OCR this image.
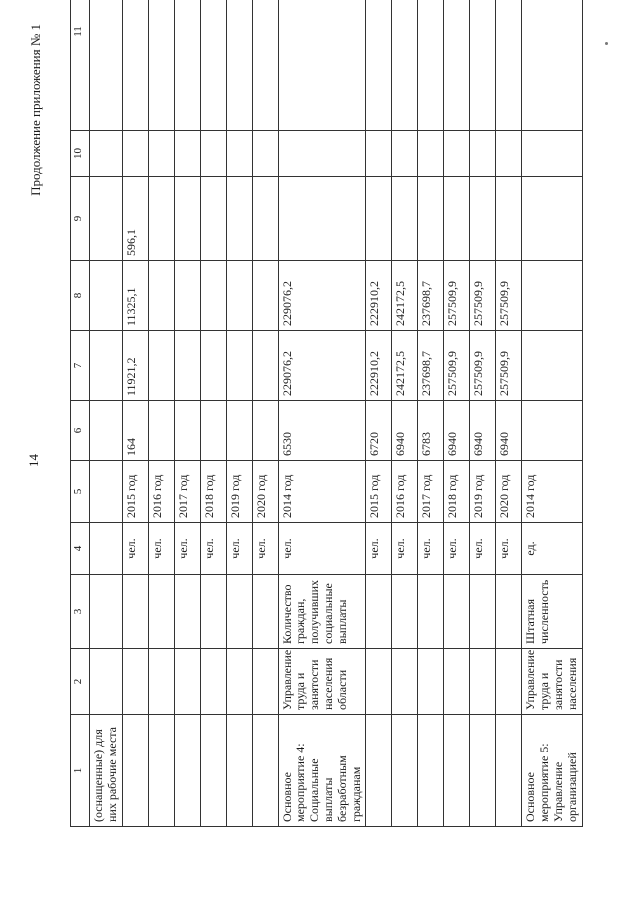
14
Продолжение приложения № 1
1	2	3	4	5	6	7	8	9	10	11
(оснащенные) для них рабочие места										
			чел.	2015 год	164	11921,2	11325,1	596,1		
			чел.	2016 год						
			чел.	2017 год						
			чел.	2018 год						
			чел.	2019 год						
			чел.	2020 год						
Основное мероприятие 4: Социальные выплаты безработным гражданам	Управление труда и занятости населения области	Количество граждан, получивших социальные выплаты	чел.	2014 год	6530	229076,2	229076,2			
			чел.	2015 год	6720	222910,2	222910,2			
			чел.	2016 год	6940	242172,5	242172,5			
			чел.	2017 год	6783	237698,7	237698,7			
			чел.	2018 год	6940	257509,9	257509,9			
			чел.	2019 год	6940	257509,9	257509,9			
			чел.	2020 год	6940	257509,9	257509,9			
Основное мероприятие 5: Управление организацией	Управление труда и занятости населения	Штатная численность	ед.	2014 год						
